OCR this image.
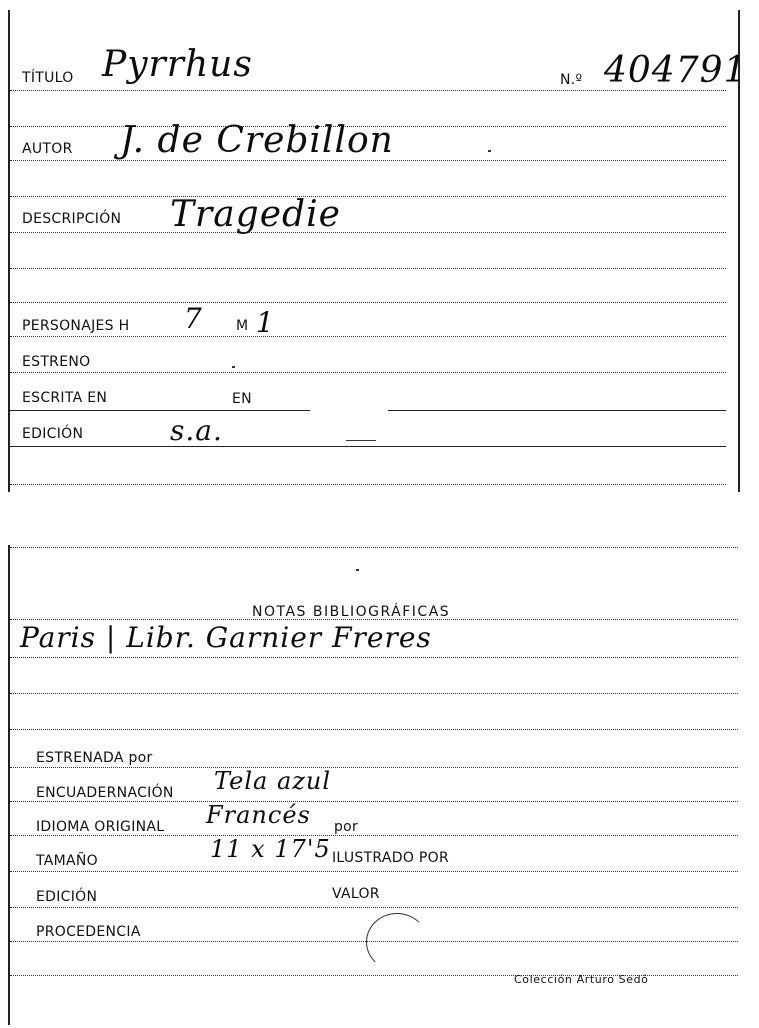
TÍTULO Pyrrhus	N.º 404791
AUTOR J. de Crebillon
DESCRIPCIÓN Tragedie
PERSONAJES H 7 M 1
ESTRENO
ESCRITA EN	EN
EDICIÓN	s.a.
NOTAS BIBLIOGRÁFICAS
Paris | Libr. Garnier Freres
ESTRENADA por
ENCUADERNACIÓN Tela azul
IDIOMA ORIGINAL Francés por
TAMAÑO	11 x 17'5 ILUSTRADO POR
EDICIÓN	VALOR
PROCEDENCIA
Colección Arturo Sedó
